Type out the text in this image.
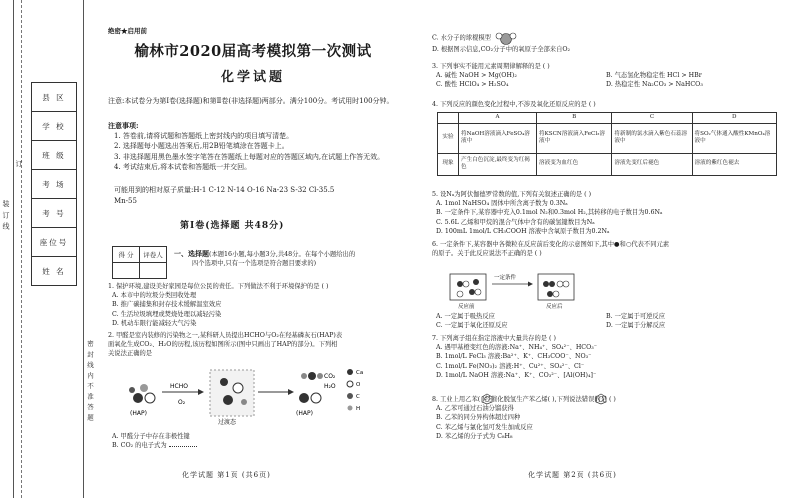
装 订 线
订
密 封 线 内 不 准 答 题
县 区
学 校
班 级
考 场
考 号
座位号
姓 名
绝密★启用前
榆林市2020届高考模拟第一次测试
化学试题
注意:本试卷分为第Ⅰ卷(选择题)和第Ⅱ卷(非选择题)两部分。满分100分。考试用时100分钟。
注意事项:
1. 答卷前,请将试题和答题纸上密封线内的项目填写清楚。
2. 选择题每小题选出答案后,用2B铅笔填涂在答题卡上。
3. 非选择题用黑色墨水签字笔答在答题纸上每题对应的答题区域内,在试题上作答无效。
4. 考试结束后,将本试卷和答题纸一并交回。
可能用到的相对原子质量:H-1 C-12 N-14 O-16 Na-23 S-32 Cl-35.5
Mn-55
第Ⅰ卷(选择题 共48分)
得 分	评卷人
	一、选择题(本题16小题,每小题3分,共48分。在每个小题给出的
四个选项中,只有一个选项是符合题目要求的)
1. 保护环境,建设美好家园是每位公民的责任。下列做法不利于环境保护的是 ( )
A. 本市中的垃圾分类回收处理
B. 推广碳捕集和封存技术缓解温室效应
C. 生活垃圾填埋或焚烧处理以减轻污染
D. 机动车限行能减轻大气污染
2. 甲醛是室内装修的污染物之一,某科研人员提出HCHO与O₂在羟基磷灰石(HAP)表
面氧化生成CO₂、H₂O的历程,该历程如图所示(图中只画出了HAP的部分)。下列相
关说法正确的是
(HAP)
HCHO
O₂
过渡态
CO₂
H₂O
(HAP)
Ca
O
C
H
A. 甲醛分子中存在非极性键
B. CO₂ 的电子式为
化学试题 第1页 (共6页)
C. 水分子的球棍模型
D. 根据图示信息,CO₂分子中的氧原子全部来自O₂
3. 下列事实不能用元素周期律解释的是 ( )
A. 碱性 NaOH > Mg(OH)₂	B. 气态氢化物稳定性 HCl > HBr
C. 酸性 HClO₄ > H₂SO₄	D. 热稳定性 Na₂CO₃ > NaHCO₃
4. 下列反应的颜色变化过程中,不涉及氧化还原反应的是 ( )
	A	B	C	D
实验	将NaOH溶液滴入FeSO₄溶液中	将KSCN溶液滴入FeCl₃溶液中	将新制的氯水滴入紫色石蕊溶液中	将SO₂气体通入酸性KMnO₄溶液中
现象	产生白色沉淀,最终变为红褐色	溶液变为血红色	溶液先变红后褪色	溶液的紫红色褪去
5. 设Nₐ为阿伏伽德罗常数的值,下列有关叙述正确的是 ( )
A. 1mol NaHSO₄ 固体中所含离子数为 0.3Nₐ
B. 一定条件下,某容器中充入0.1mol N₂和0.3mol H₂,其转移的电子数目为0.6Nₐ
C. 5.6L 乙烯和甲烷的混合气体中含有的碳氢键数目为Nₐ
D. 100mL 1mol/L CH₃COOH 溶液中含氧原子数目为0.2Nₐ
6. 一定条件下,某容器中各微粒在反应前后变化的示意图如下,其中●和○代表不同元素
的原子。关于此反应说法不正确的是 ( )
反应前
一定条件
反应后
A. 一定属于吸热反应	B. 一定属于可逆反应
C. 一定属于氧化还原反应	D. 一定属于分解反应
7. 下列离子组在指定溶液中大量共存的是 ( )
A. 遇甲基橙变红色的溶液:Na⁺、NH₄⁺、SO₄²⁻、HCO₃⁻
B. 1mol/L FeCl₃ 溶液:Ba²⁺、K⁺、CH₃COO⁻、NO₃⁻
C. 1mol/L Fe(NO₃)₂ 溶液:H⁺、Cu²⁺、SO₄²⁻、Cl⁻
D. 1mol/L NaOH 溶液:Na⁺、K⁺、CO₃²⁻、[Al(OH)₄]⁻
8. 工业上用乙苯( )经催化脱氢生产苯乙烯( ),下列说法错误的是 ( )
A. 乙苯可通过石油分馏获得
B. 乙苯的同分异构体超过四种
C. 苯乙烯与氯化氢可发生加成反应
D. 苯乙烯的分子式为 C₈H₈
化学试题 第2页 (共6页)
